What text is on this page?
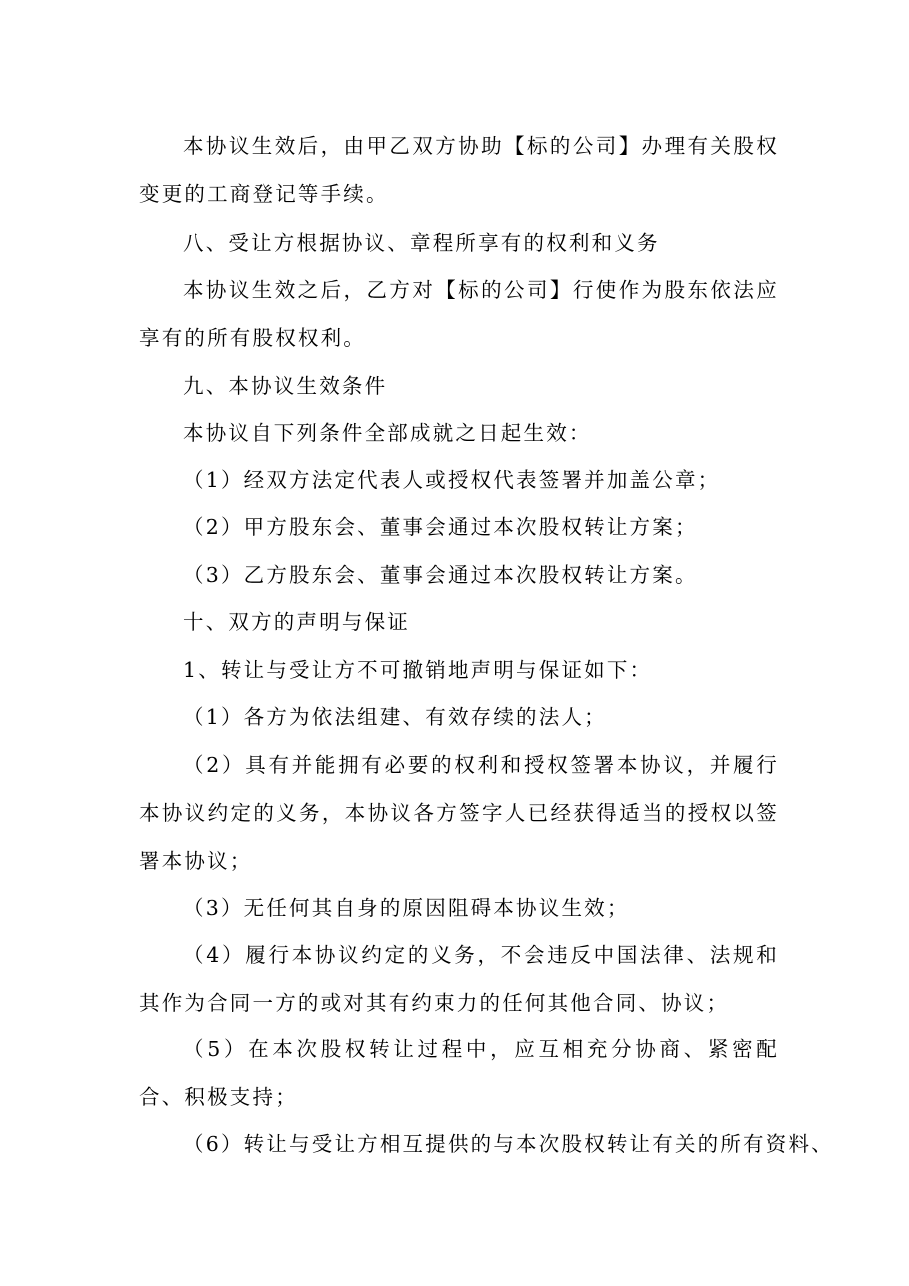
本协议生效后，由甲乙双方协助【标的公司】办理有关股权变更的工商登记等手续。

八、受让方根据协议、章程所享有的权利和义务

本协议生效之后，乙方对【标的公司】行使作为股东依法应享有的所有股权权利。

九、本协议生效条件

本协议自下列条件全部成就之日起生效：

（1）经双方法定代表人或授权代表签署并加盖公章；

（2）甲方股东会、董事会通过本次股权转让方案；

（3）乙方股东会、董事会通过本次股权转让方案。

十、双方的声明与保证

1、转让与受让方不可撤销地声明与保证如下：

（1）各方为依法组建、有效存续的法人；

（2）具有并能拥有必要的权利和授权签署本协议，并履行本协议约定的义务，本协议各方签字人已经获得适当的授权以签署本协议；

（3）无任何其自身的原因阻碍本协议生效；

（4）履行本协议约定的义务，不会违反中国法律、法规和其作为合同一方的或对其有约束力的任何其他合同、协议；

（5）在本次股权转让过程中，应互相充分协商、紧密配合、积极支持；

（6）转让与受让方相互提供的与本次股权转让有关的所有资料、
